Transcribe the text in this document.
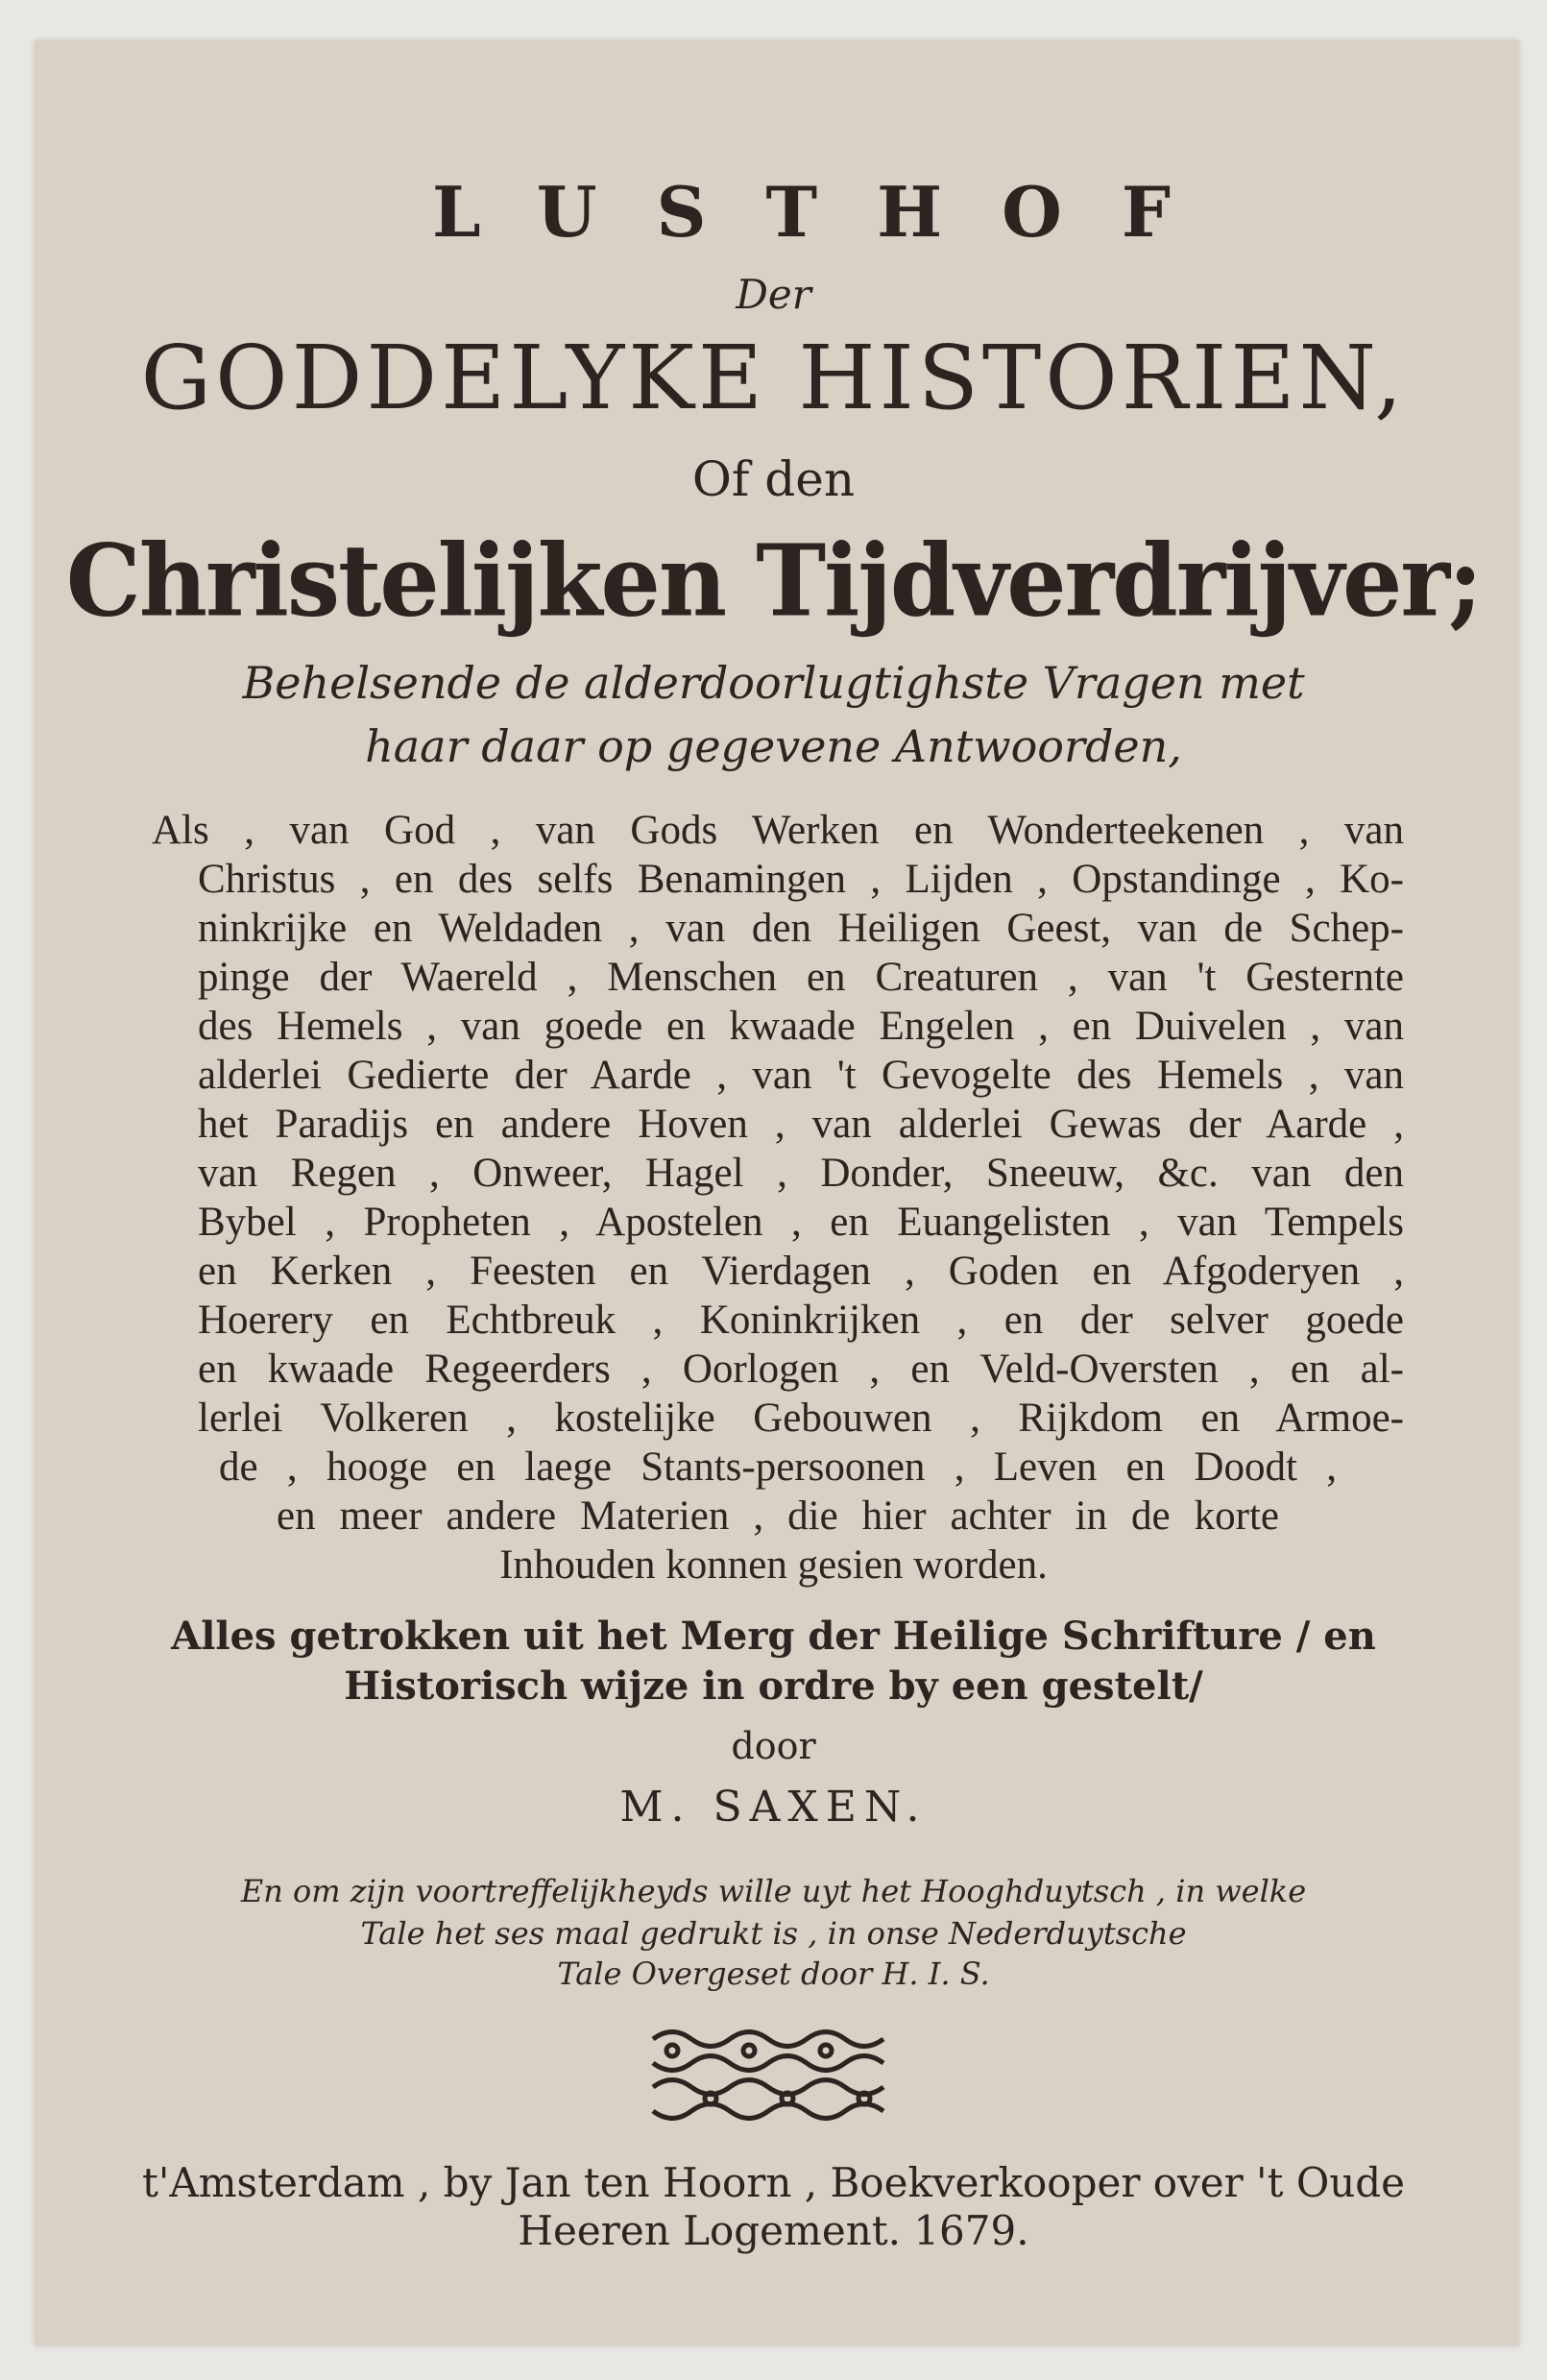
LUSTHOF
Der
GODDELYKE HISTORIEN,
Of den
Christelijken Tijdverdrijver;
Behelsende de alderdoorlugtighste Vragen met
haar daar op gegevene Antwoorden,
Als , van God , van Gods Werken en Wonderteekenen , van
Christus , en des selfs Benamingen , Lijden , Opstandinge , Ko-
ninkrijke en Weldaden , van den Heiligen Geest, van de Schep-
pinge der Waereld , Menschen en Creaturen , van 't Gesternte
des Hemels , van goede en kwaade Engelen , en Duivelen , van
alderlei Gedierte der Aarde , van 't Gevogelte des Hemels , van
het Paradijs en andere Hoven , van alderlei Gewas der Aarde ,
van Regen , Onweer, Hagel , Donder, Sneeuw, &c. van den
Bybel , Propheten , Apostelen , en Euangelisten , van Tempels
en Kerken , Feesten en Vierdagen , Goden en Afgoderyen ,
Hoerery en Echtbreuk , Koninkrijken , en der selver goede
en kwaade Regeerders , Oorlogen , en Veld-Oversten , en al-
lerlei Volkeren , kostelijke Gebouwen , Rijkdom en Armoe-
de , hooge en laege Stants-persoonen , Leven en Doodt ,
en meer andere Materien , die hier achter in de korte
Inhouden konnen gesien worden.
Alles getrokken uit het Merg der Heilige Schrifture / en
Historisch wijze in ordre by een gestelt/
door
M. SAXEN.
En om zijn voortreffelijkheyds wille uyt het Hooghduytsch , in welke
Tale het ses maal gedrukt is , in onse Nederduytsche
Tale Overgeset door H. I. S.
t'Amsterdam , by Jan ten Hoorn , Boekverkooper over 't Oude
Heeren Logement. 1679.
